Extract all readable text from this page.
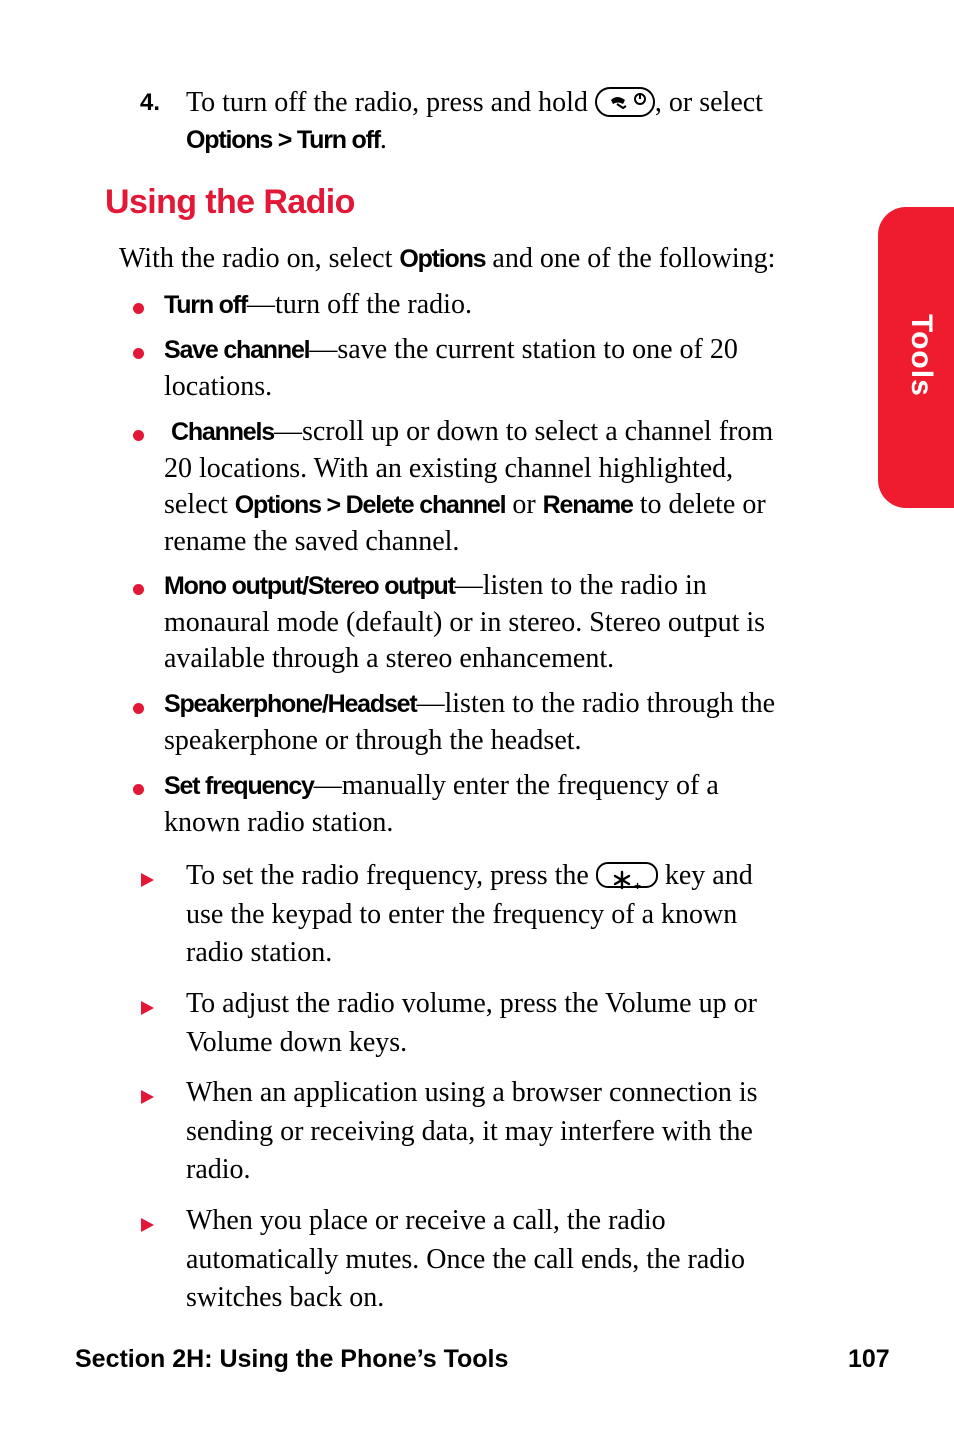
4. To turn off the radio, press and hold , or select

Options > Turn off.

Using the Radio
With the radio on, select Options and one of the following:
Turn off—turn off the radio.

Save channel—save the current station to one of 20

locations.

Channels—scroll up or down to select a channel from

20 locations. With an existing channel highlighted,

select Options > Delete channel or Rename to delete or

rename the saved channel.

Mono output/Stereo output—listen to the radio in

monaural mode (default) or in stereo. Stereo output is

available through a stereo enhancement.

Speakerphone/Headset—listen to the radio through the

speakerphone or through the headset.

Set frequency—manually enter the frequency of a

known radio station.

To set the radio frequency, press the	+ key and

use the keypad to enter the frequency of a known

radio station.

To adjust the radio volume, press the Volume up or

Volume down keys.

When an application using a browser connection is

sending or receiving data, it may interfere with the

radio.

When you place or receive a call, the radio

automatically mutes. Once the call ends, the radio

switches back on.

Tools
Section 2H: Using the Phone’s Tools	107
